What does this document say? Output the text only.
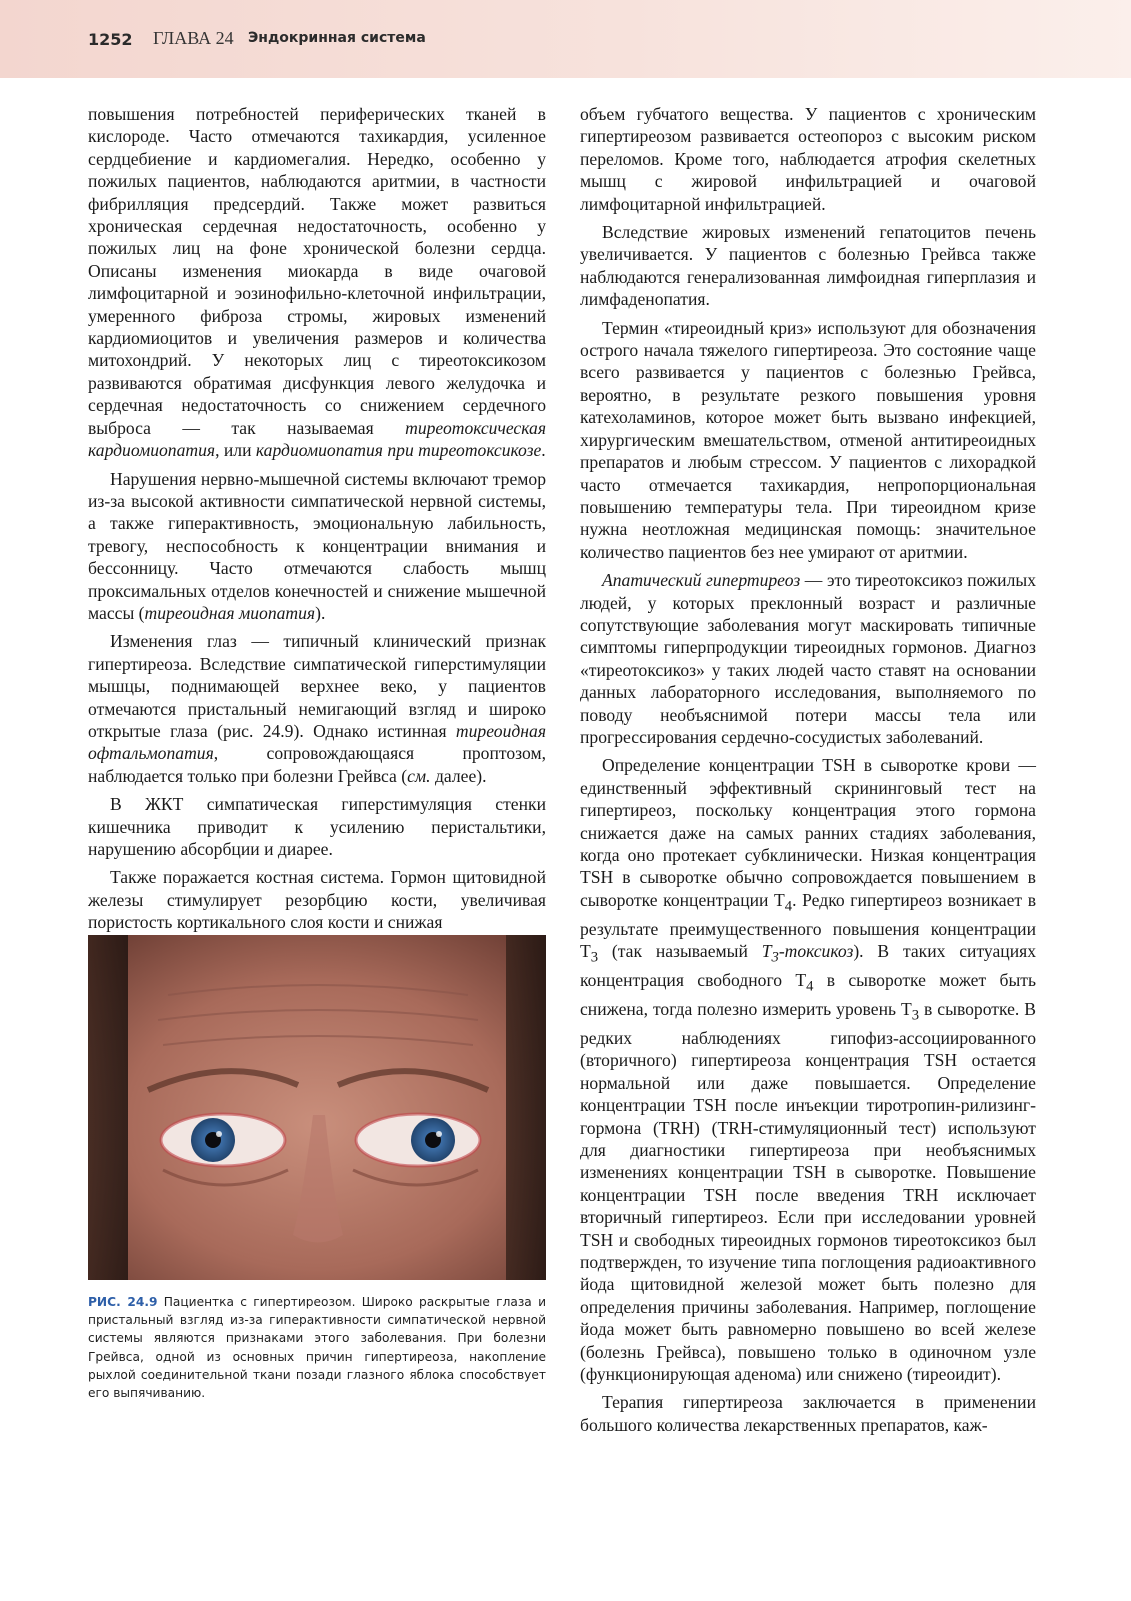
1252 ГЛАВА 24 Эндокринная система

повышения потребностей периферических тканей в кислороде. Часто отмечаются тахикардия, усиленное сердцебиение и кардиомегалия. Нередко, особенно у пожилых пациентов, наблюдаются аритмии, в частности фибрилляция предсердий. Также может развиться хроническая сердечная недостаточность, особенно у пожилых лиц на фоне хронической болезни сердца. Описаны изменения миокарда в виде очаговой лимфоцитарной и эозинофильно-клеточной инфильтрации, умеренного фиброза стромы, жировых изменений кардиомиоцитов и увеличения размеров и количества митохондрий. У некоторых лиц с тиреотоксикозом развиваются обратимая дисфункция левого желудочка и сердечная недостаточность со снижением сердечного выброса — так называемая тиреотоксическая кардиомиопатия, или кардиомиопатия при тиреотоксикозе.

Нарушения нервно-мышечной системы включают тремор из-за высокой активности симпатической нервной системы, а также гиперактивность, эмоциональную лабильность, тревогу, неспособность к концентрации внимания и бессонницу. Часто отмечаются слабость мышц проксимальных отделов конечностей и снижение мышечной массы (тиреоидная миопатия).

Изменения глаз — типичный клинический признак гипертиреоза. Вследствие симпатической гиперстимуляции мышцы, поднимающей верхнее веко, у пациентов отмечаются пристальный немигающий взгляд и широко открытые глаза (рис. 24.9). Однако истинная тиреоидная офтальмопатия, сопровождающаяся проптозом, наблюдается только при болезни Грейвса (см. далее).

В ЖКТ симпатическая гиперстимуляция стенки кишечника приводит к усилению перистальтики, нарушению абсорбции и диарее.

Также поражается костная система. Гормон щитовидной железы стимулирует резорбцию кости, увеличивая пористость кортикального слоя кости и снижая

РИС. 24.9 Пациентка с гипертиреозом. Широко раскрытые глаза и пристальный взгляд из-за гиперактивности симпатической нервной системы являются признаками этого заболевания. При болезни Грейвса, одной из основных причин гипертиреоза, накопление рыхлой соединительной ткани позади глазного яблока способствует его выпячиванию.

объем губчатого вещества. У пациентов с хроническим гипертиреозом развивается остеопороз с высоким риском переломов. Кроме того, наблюдается атрофия скелетных мышц с жировой инфильтрацией и очаговой лимфоцитарной инфильтрацией.

Вследствие жировых изменений гепатоцитов печень увеличивается. У пациентов с болезнью Грейвса также наблюдаются генерализованная лимфоидная гиперплазия и лимфаденопатия.

Термин «тиреоидный криз» используют для обозначения острого начала тяжелого гипертиреоза. Это состояние чаще всего развивается у пациентов с болезнью Грейвса, вероятно, в результате резкого повышения уровня катехоламинов, которое может быть вызвано инфекцией, хирургическим вмешательством, отменой антитиреоидных препаратов и любым стрессом. У пациентов с лихорадкой часто отмечается тахикардия, непропорциональная повышению температуры тела. При тиреоидном кризе нужна неотложная медицинская помощь: значительное количество пациентов без нее умирают от аритмии.

Апатический гипертиреоз — это тиреотоксикоз пожилых людей, у которых преклонный возраст и различные сопутствующие заболевания могут маскировать типичные симптомы гиперпродукции тиреоидных гормонов. Диагноз «тиреотоксикоз» у таких людей часто ставят на основании данных лабораторного исследования, выполняемого по поводу необъяснимой потери массы тела или прогрессирования сердечно-сосудистых заболеваний.

Определение концентрации TSH в сыворотке крови — единственный эффективный скрининговый тест на гипертиреоз, поскольку концентрация этого гормона снижается даже на самых ранних стадиях заболевания, когда оно протекает субклинически. Низкая концентрация TSH в сыворотке обычно сопровождается повышением в сыворотке концентрации $T_4$. Редко гипертиреоз возникает в результате преимущественного повышения концентрации $T_3$ (так называемый $T_3-токсикоз$). В таких ситуациях концентрация свободного $T_4$ в сыворотке может быть снижена, тогда полезно измерить уровень $T_3$ в сыворотке. В редких наблюдениях гипофиз-ассоциированного (вторичного) гипертиреоза концентрация TSH остается нормальной или даже повышается. Определение концентрации TSH после инъекции тиротропин-рилизинг-гормона (TRH) (TRH-стимуляционный тест) используют для диагностики гипертиреоза при необъяснимых изменениях концентрации TSH в сыворотке. Повышение концентрации TSH после введения TRH исключает вторичный гипертиреоз. Если при исследовании уровней TSH и свободных тиреоидных гормонов тиреотоксикоз был подтвержден, то изучение типа поглощения радиоактивного йода щитовидной железой может быть полезно для определения причины заболевания. Например, поглощение йода может быть равномерно повышено во всей железе (болезнь Грейвса), повышено только в одиночном узле (функционирующая аденома) или снижено (тиреоидит).

Терапия гипертиреоза заключается в применении большого количества лекарственных препаратов, каж-
